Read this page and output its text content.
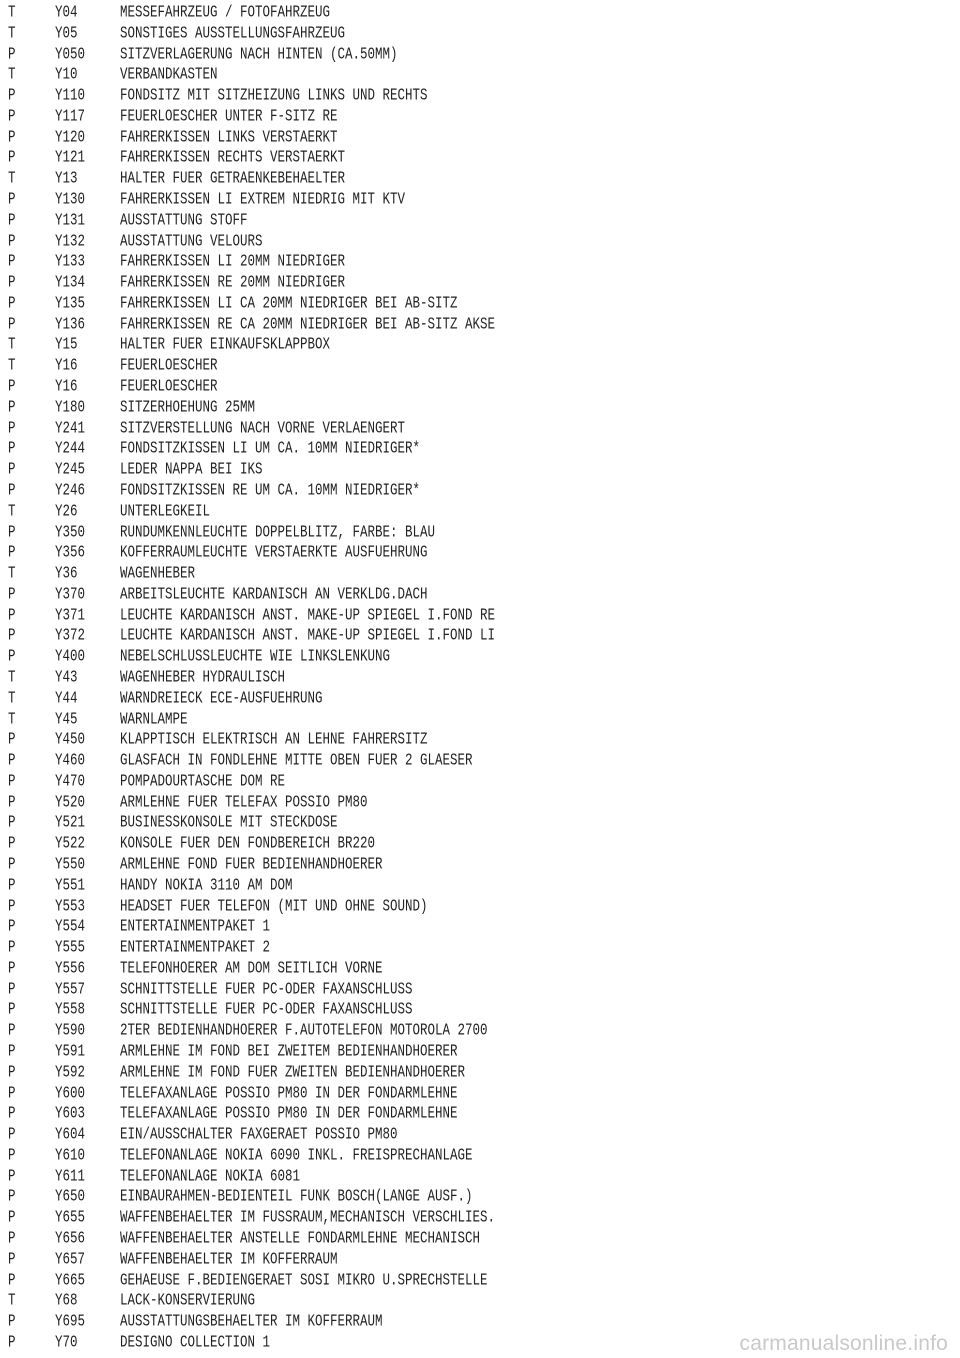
T	Y04	MESSEFAHRZEUG / FOTOFAHRZEUG
T	Y05	SONSTIGES AUSSTELLUNGSFAHRZEUG
P	Y050	SITZVERLAGERUNG NACH HINTEN (CA.50MM)
T	Y10	VERBANDKASTEN
P	Y110	FONDSITZ MIT SITZHEIZUNG LINKS UND RECHTS
P	Y117	FEUERLOESCHER UNTER F-SITZ RE
P	Y120	FAHRERKISSEN LINKS VERSTAERKT
P	Y121	FAHRERKISSEN RECHTS VERSTAERKT
T	Y13	HALTER FUER GETRAENKEBEHAELTER
P	Y130	FAHRERKISSEN LI EXTREM NIEDRIG MIT KTV
P	Y131	AUSSTATTUNG STOFF
P	Y132	AUSSTATTUNG VELOURS
P	Y133	FAHRERKISSEN LI 20MM NIEDRIGER
P	Y134	FAHRERKISSEN RE 20MM NIEDRIGER
P	Y135	FAHRERKISSEN LI CA 20MM NIEDRIGER BEI AB-SITZ
P	Y136	FAHRERKISSEN RE CA 20MM NIEDRIGER BEI AB-SITZ AKSE
T	Y15	HALTER FUER EINKAUFSKLAPPBOX
T	Y16	FEUERLOESCHER
P	Y16	FEUERLOESCHER
P	Y180	SITZERHOEHUNG 25MM
P	Y241	SITZVERSTELLUNG NACH VORNE VERLAENGERT
P	Y244	FONDSITZKISSEN LI UM CA. 10MM NIEDRIGER*
P	Y245	LEDER NAPPA BEI IKS
P	Y246	FONDSITZKISSEN RE UM CA. 10MM NIEDRIGER*
T	Y26	UNTERLEGKEIL
P	Y350	RUNDUMKENNLEUCHTE DOPPELBLITZ, FARBE: BLAU
P	Y356	KOFFERRAUMLEUCHTE VERSTAERKTE AUSFUEHRUNG
T	Y36	WAGENHEBER
P	Y370	ARBEITSLEUCHTE KARDANISCH AN VERKLDG.DACH
P	Y371	LEUCHTE KARDANISCH ANST. MAKE-UP SPIEGEL I.FOND RE
P	Y372	LEUCHTE KARDANISCH ANST. MAKE-UP SPIEGEL I.FOND LI
P	Y400	NEBELSCHLUSSLEUCHTE WIE LINKSLENKUNG
T	Y43	WAGENHEBER HYDRAULISCH
T	Y44	WARNDREIECK ECE-AUSFUEHRUNG
T	Y45	WARNLAMPE
P	Y450	KLAPPTISCH ELEKTRISCH AN LEHNE FAHRERSITZ
P	Y460	GLASFACH IN FONDLEHNE MITTE OBEN FUER 2 GLAESER
P	Y470	POMPADOURTASCHE DOM RE
P	Y520	ARMLEHNE FUER TELEFAX POSSIO PM80
P	Y521	BUSINESSKONSOLE MIT STECKDOSE
P	Y522	KONSOLE FUER DEN FONDBEREICH BR220
P	Y550	ARMLEHNE FOND FUER BEDIENHANDHOERER
P	Y551	HANDY NOKIA 3110 AM DOM
P	Y553	HEADSET FUER TELEFON (MIT UND OHNE SOUND)
P	Y554	ENTERTAINMENTPAKET 1
P	Y555	ENTERTAINMENTPAKET 2
P	Y556	TELEFONHOERER AM DOM SEITLICH VORNE
P	Y557	SCHNITTSTELLE FUER PC-ODER FAXANSCHLUSS
P	Y558	SCHNITTSTELLE FUER PC-ODER FAXANSCHLUSS
P	Y590	2TER BEDIENHANDHOERER F.AUTOTELEFON MOTOROLA 2700
P	Y591	ARMLEHNE IM FOND BEI ZWEITEM BEDIENHANDHOERER
P	Y592	ARMLEHNE IM FOND FUER ZWEITEN BEDIENHANDHOERER
P	Y600	TELEFAXANLAGE POSSIO PM80 IN DER FONDARMLEHNE
P	Y603	TELEFAXANLAGE POSSIO PM80 IN DER FONDARMLEHNE
P	Y604	EIN/AUSSCHALTER FAXGERAET POSSIO PM80
P	Y610	TELEFONANLAGE NOKIA 6090 INKL. FREISPRECHANLAGE
P	Y611	TELEFONANLAGE NOKIA 6081
P	Y650	EINBAURAHMEN-BEDIENTEIL FUNK BOSCH(LANGE AUSF.)
P	Y655	WAFFENBEHAELTER IM FUSSRAUM,MECHANISCH VERSCHLIES.
P	Y656	WAFFENBEHAELTER ANSTELLE FONDARMLEHNE MECHANISCH
P	Y657	WAFFENBEHAELTER IM KOFFERRAUM
P	Y665	GEHAEUSE F.BEDIENGERAET SOSI MIKRO U.SPRECHSTELLE
T	Y68	LACK-KONSERVIERUNG
P	Y695	AUSSTATTUNGSBEHAELTER IM KOFFERRAUM
P	Y70	DESIGNO COLLECTION 1	carmanualsonline.info
